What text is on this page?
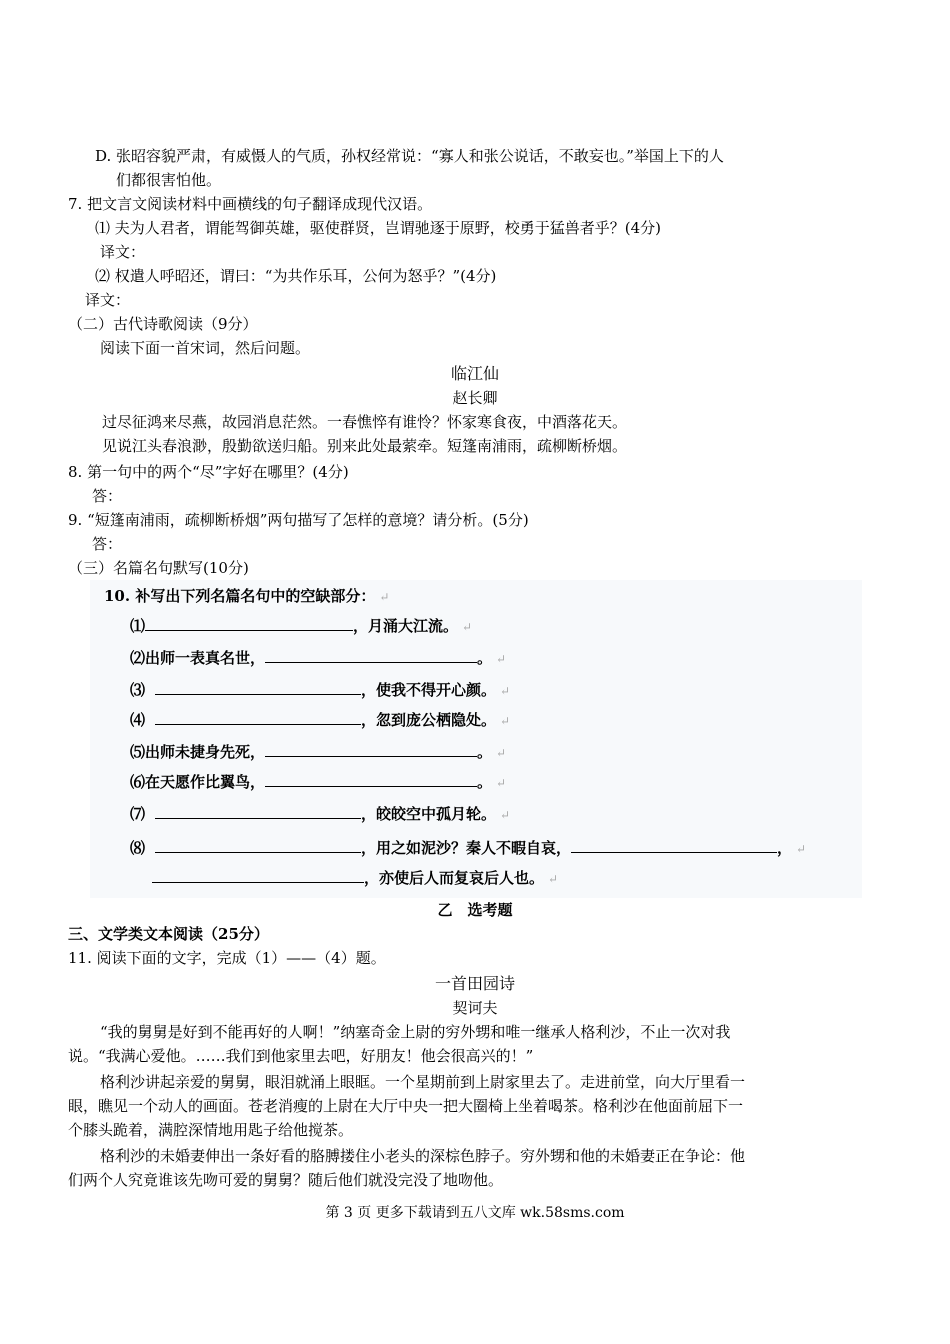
D. 张昭容貌严肃，有威慑人的气质，孙权经常说：“寡人和张公说话，不敢妄也。”举国上下的人
们都很害怕他。
7. 把文言文阅读材料中画横线的句子翻译成现代汉语。
⑴ 夫为人君者，谓能驾御英雄，驱使群贤，岂谓驰逐于原野，校勇于猛兽者乎？(4分)
译文：
⑵ 权遣人呼昭还，谓曰：“为共作乐耳，公何为怒乎？”(4分)
译文：
（二）古代诗歌阅读（9分）
阅读下面一首宋词，然后问题。
临江仙
赵长卿
过尽征鸿来尽燕，故园消息茫然。一春憔悴有谁怜？怀家寒食夜，中酒落花天。
见说江头春浪渺，殷勤欲送归船。别来此处最萦牵。短篷南浦雨，疏柳断桥烟。
8. 第一句中的两个“尽”字好在哪里？(4分)
答：
9. “短篷南浦雨，疏柳断桥烟”两句描写了怎样的意境？请分析。(5分)
答：
（三）名篇名句默写(10分)
10. 补写出下列名篇名句中的空缺部分： ↵
⑴	，月涌大江流。 ↵
⑵出师一表真名世，	。 ↵
⑶	，使我不得开心颜。 ↵
⑷	，忽到庞公栖隐处。 ↵
⑸出师未捷身先死，	。 ↵
⑹在天愿作比翼鸟，	。 ↵
⑺	，皎皎空中孤月轮。 ↵
⑻	，用之如泥沙？秦人不暇自哀，	， ↵
，亦使后人而复哀后人也。 ↵
乙　选考题
三、文学类文本阅读（25分）
11. 阅读下面的文字，完成（1）——（4）题。
一首田园诗
契诃夫
“我的舅舅是好到不能再好的人啊！”纳塞奇金上尉的穷外甥和唯一继承人格利沙，不止一次对我
说。“我满心爱他。……我们到他家里去吧，好朋友！他会很高兴的！”
格利沙讲起亲爱的舅舅，眼泪就涌上眼眶。一个星期前到上尉家里去了。走进前堂，向大厅里看一
眼，瞧见一个动人的画面。苍老消瘦的上尉在大厅中央一把大圈椅上坐着喝茶。格利沙在他面前屈下一
个膝头跪着，满腔深情地用匙子给他搅茶。
格利沙的未婚妻伸出一条好看的胳膊搂住小老头的深棕色脖子。穷外甥和他的未婚妻正在争论：他
们两个人究竟谁该先吻可爱的舅舅？随后他们就没完没了地吻他。
第 3 页 更多下载请到五八文库 wk.58sms.com
